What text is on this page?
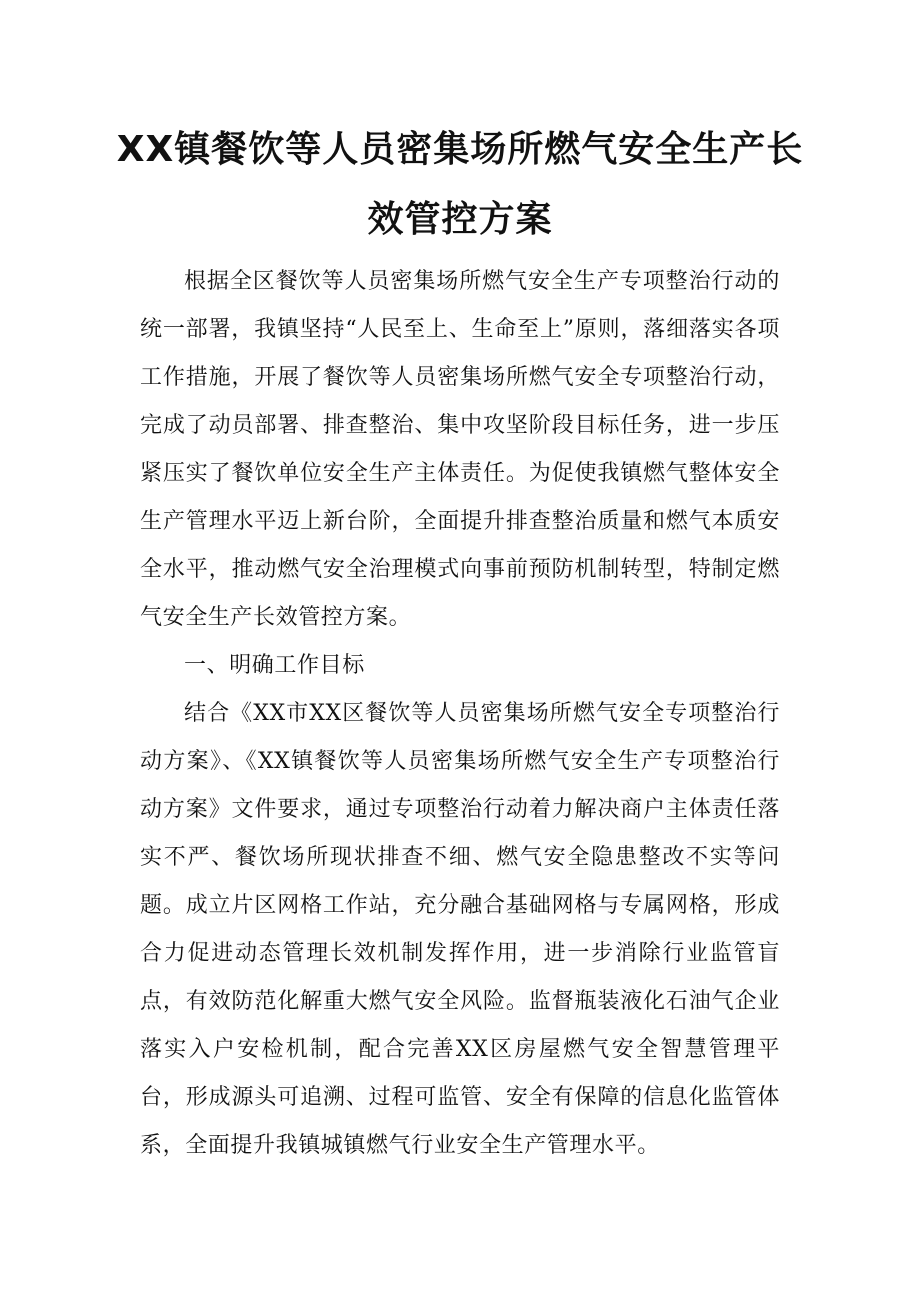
XX镇餐饮等人员密集场所燃气安全生产长
效管控方案

根据全区餐饮等人员密集场所燃气安全生产专项整治行动的统一部署，我镇坚持“人民至上、生命至上”原则，落细落实各项工作措施，开展了餐饮等人员密集场所燃气安全专项整治行动，完成了动员部署、排查整治、集中攻坚阶段目标任务，进一步压紧压实了餐饮单位安全生产主体责任。为促使我镇燃气整体安全生产管理水平迈上新台阶，全面提升排查整治质量和燃气本质安全水平，推动燃气安全治理模式向事前预防机制转型，特制定燃气安全生产长效管控方案。

一、明确工作目标

结合《XX市XX区餐饮等人员密集场所燃气安全专项整治行动方案》、《XX镇餐饮等人员密集场所燃气安全生产专项整治行动方案》文件要求，通过专项整治行动着力解决商户主体责任落实不严、餐饮场所现状排查不细、燃气安全隐患整改不实等问题。成立片区网格工作站，充分融合基础网格与专属网格，形成合力促进动态管理长效机制发挥作用，进一步消除行业监管盲点，有效防范化解重大燃气安全风险。监督瓶装液化石油气企业落实入户安检机制，配合完善XX区房屋燃气安全智慧管理平台，形成源头可追溯、过程可监管、安全有保障的信息化监管体系，全面提升我镇城镇燃气行业安全生产管理水平。
